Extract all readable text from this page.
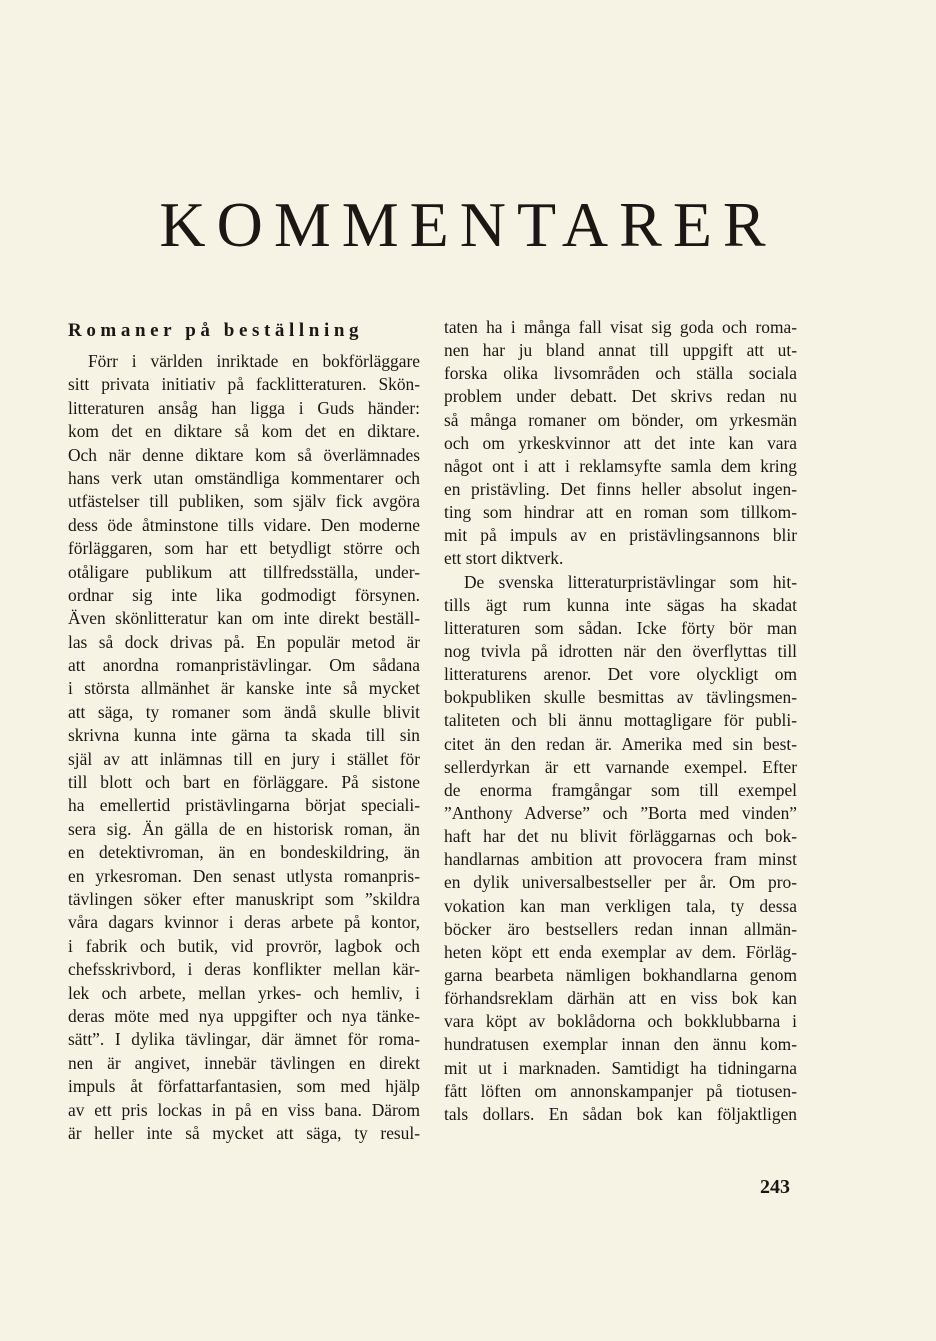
KOMMENTARER
Romaner på beställning
Förr i världen inriktade en bokförläggare
sitt privata initiativ på facklitteraturen. Skön-
litteraturen ansåg han ligga i Guds händer:
kom det en diktare så kom det en diktare.
Och när denne diktare kom så överlämnades
hans verk utan omständliga kommentarer och
utfästelser till publiken, som själv fick avgöra
dess öde åtminstone tills vidare. Den moderne
förläggaren, som har ett betydligt större och
otåligare publikum att tillfredsställa, under-
ordnar sig inte lika godmodigt försynen.
Även skönlitteratur kan om inte direkt beställ-
las så dock drivas på. En populär metod är
att anordna romanpristävlingar. Om sådana
i största allmänhet är kanske inte så mycket
att säga, ty romaner som ändå skulle blivit
skrivna kunna inte gärna ta skada till sin
själ av att inlämnas till en jury i stället för
till blott och bart en förläggare. På sistone
ha emellertid pristävlingarna börjat speciali-
sera sig. Än gälla de en historisk roman, än
en detektivroman, än en bondeskildring, än
en yrkesroman. Den senast utlysta romanpris-
tävlingen söker efter manuskript som ”skildra
våra dagars kvinnor i deras arbete på kontor,
i fabrik och butik, vid provrör, lagbok och
chefsskrivbord, i deras konflikter mellan kär-
lek och arbete, mellan yrkes- och hemliv, i
deras möte med nya uppgifter och nya tänke-
sätt”. I dylika tävlingar, där ämnet för roma-
nen är angivet, innebär tävlingen en direkt
impuls åt författarfantasien, som med hjälp
av ett pris lockas in på en viss bana. Därom
är heller inte så mycket att säga, ty resul-
taten ha i många fall visat sig goda och roma-
nen har ju bland annat till uppgift att ut-
forska olika livsområden och ställa sociala
problem under debatt. Det skrivs redan nu
så många romaner om bönder, om yrkesmän
och om yrkeskvinnor att det inte kan vara
något ont i att i reklamsyfte samla dem kring
en pristävling. Det finns heller absolut ingen-
ting som hindrar att en roman som tillkom-
mit på impuls av en pristävlingsannons blir
ett stort diktverk.
De svenska litteraturpristävlingar som hit-
tills ägt rum kunna inte sägas ha skadat
litteraturen som sådan. Icke förty bör man
nog tvivla på idrotten när den överflyttas till
litteraturens arenor. Det vore olyckligt om
bokpubliken skulle besmittas av tävlingsmen-
taliteten och bli ännu mottagligare för publi-
citet än den redan är. Amerika med sin best-
sellerdyrkan är ett varnande exempel. Efter
de enorma framgångar som till exempel
”Anthony Adverse” och ”Borta med vinden”
haft har det nu blivit förläggarnas och bok-
handlarnas ambition att provocera fram minst
en dylik universalbestseller per år. Om pro-
vokation kan man verkligen tala, ty dessa
böcker äro bestsellers redan innan allmän-
heten köpt ett enda exemplar av dem. Förläg-
garna bearbeta nämligen bokhandlarna genom
förhandsreklam därhän att en viss bok kan
vara köpt av boklådorna och bokklubbarna i
hundratusen exemplar innan den ännu kom-
mit ut i marknaden. Samtidigt ha tidningarna
fått löften om annonskampanjer på tiotusen-
tals dollars. En sådan bok kan följaktligen
243
